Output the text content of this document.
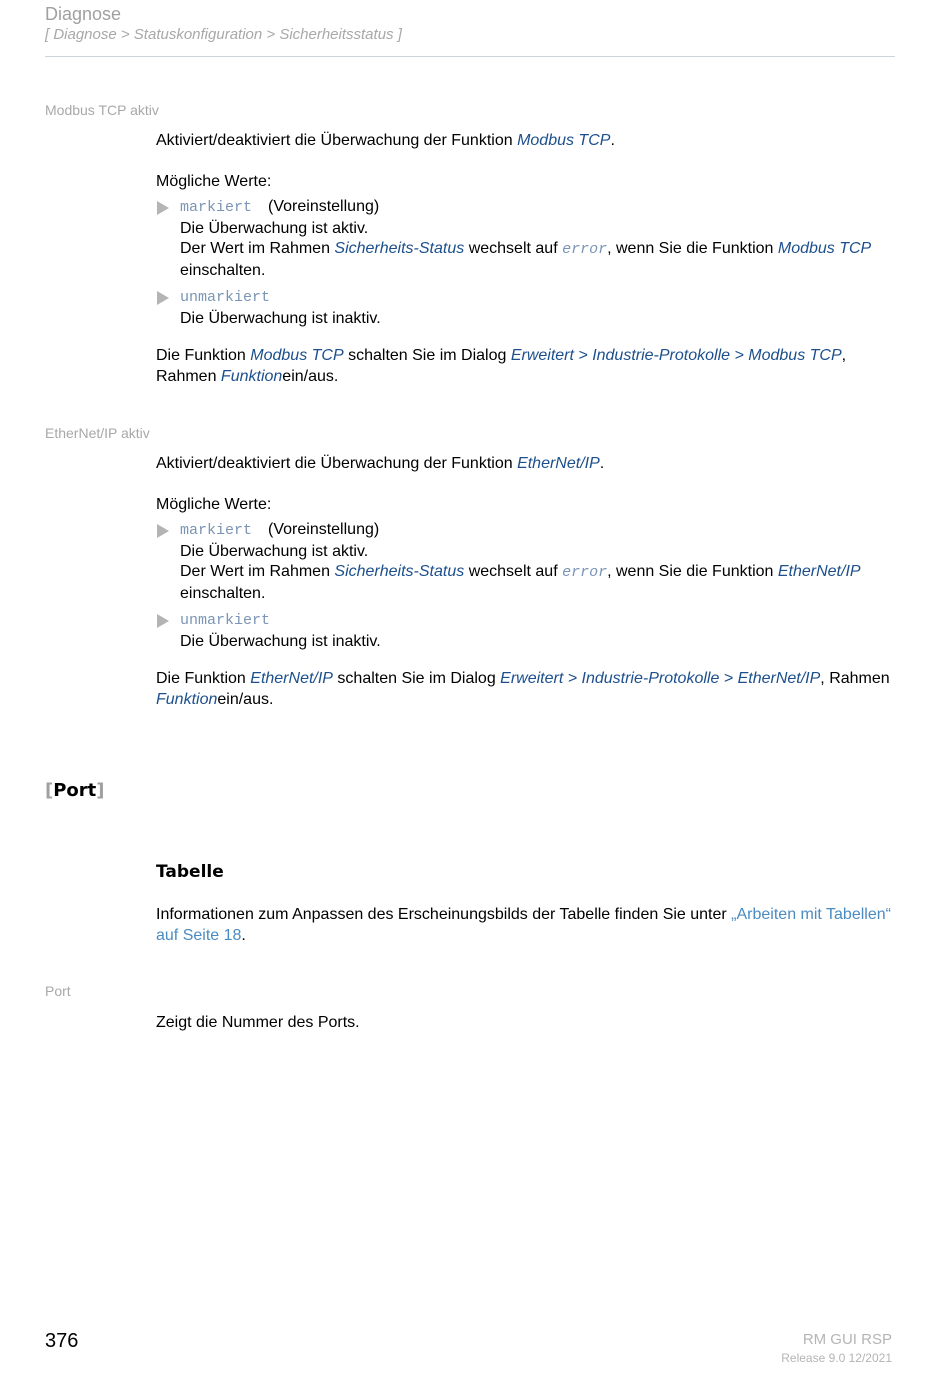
Diagnose
[ Diagnose > Statuskonfiguration > Sicherheitsstatus ]
Modbus TCP aktiv
Aktiviert/deaktiviert die Überwachung der Funktion Modbus TCP.
Mögliche Werte:
markiert (Voreinstellung)
Die Überwachung ist aktiv.
Der Wert im Rahmen Sicherheits-Status wechselt auf error, wenn Sie die Funktion Modbus TCP einschalten.
unmarkiert
Die Überwachung ist inaktiv.
Die Funktion Modbus TCP schalten Sie im Dialog Erweitert > Industrie-Protokolle > Modbus TCP, Rahmen Funktionein/aus.
EtherNet/IP aktiv
Aktiviert/deaktiviert die Überwachung der Funktion EtherNet/IP.
Mögliche Werte:
markiert (Voreinstellung)
Die Überwachung ist aktiv.
Der Wert im Rahmen Sicherheits-Status wechselt auf error, wenn Sie die Funktion EtherNet/IP einschalten.
unmarkiert
Die Überwachung ist inaktiv.
Die Funktion EtherNet/IP schalten Sie im Dialog Erweitert > Industrie-Protokolle > EtherNet/IP, Rahmen Funktionein/aus.
[Port]
Tabelle
Informationen zum Anpassen des Erscheinungsbilds der Tabelle finden Sie unter „Arbeiten mit Tabellen“ auf Seite 18.
Port
Zeigt die Nummer des Ports.
376	RM GUI RSP
Release 9.0 12/2021
